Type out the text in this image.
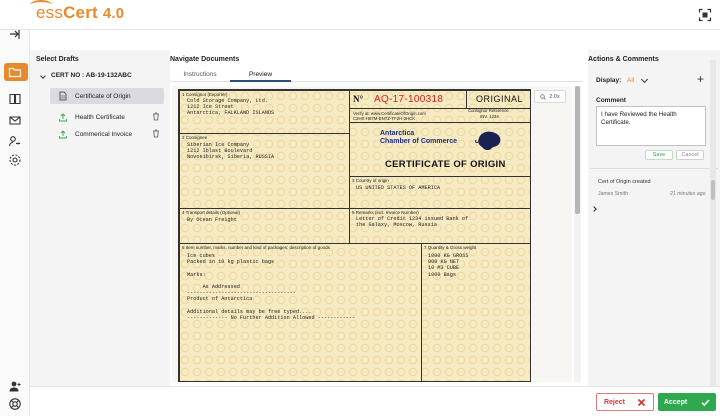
essCert 4.0
Select Drafts
CERT NO : AB-19-132ABC
Certificate of Origin
Health Certificate
Commerical Invoice
Navigate Documents
Instructions	Preview
1 Consignor (Exporter)
Cold Storage Company, Ltd.
1212 Ice Street
Antarctica, FALKLAND ISLANDS
N° AQ-17-100318	ORIGINAL
Verify at: www.CertificateOfOrigin.com
C2HX-H87M-ENTZ-TF2H-3HCK
Consignor Reference
INV. 1234
Antarctica
Chamber of Commerce
CERTIFICATE OF ORIGIN
2 Consignee
Siberian Ice Company
1212 Iblast Boulevard
Novosibirsk, Siberia, RUSSIA
3 Country of origin
US UNITED STATES OF AMERICA
4 Transport details (Optional)
By Ocean Freight
5 Remarks (incl. Invoice Number)
Letter of Credit 1234 issued Bank of
the Galaxy, Moscow, Russia
6 Item number, marks, number and kind of packages; description of goods
Ice cubes
Packed in 10 kg plastic bags

Marks:

As Addressed
-----------------------------------
Product of Antarctica

Additional details may be free typed....
------------- No Further Addition Allowed ------------
7 Quantity & Gross weight
1000 KG GROSS
900 KG NET
10 M3 CUBE
1000 Bags
2.0x
Actions & Comments
Display: All	+
Comment
I have Reviewed the Health Certificate.
Save	Cancel
Cert of Origin created
James Smith	21 minutes ago
Reject	Accept
